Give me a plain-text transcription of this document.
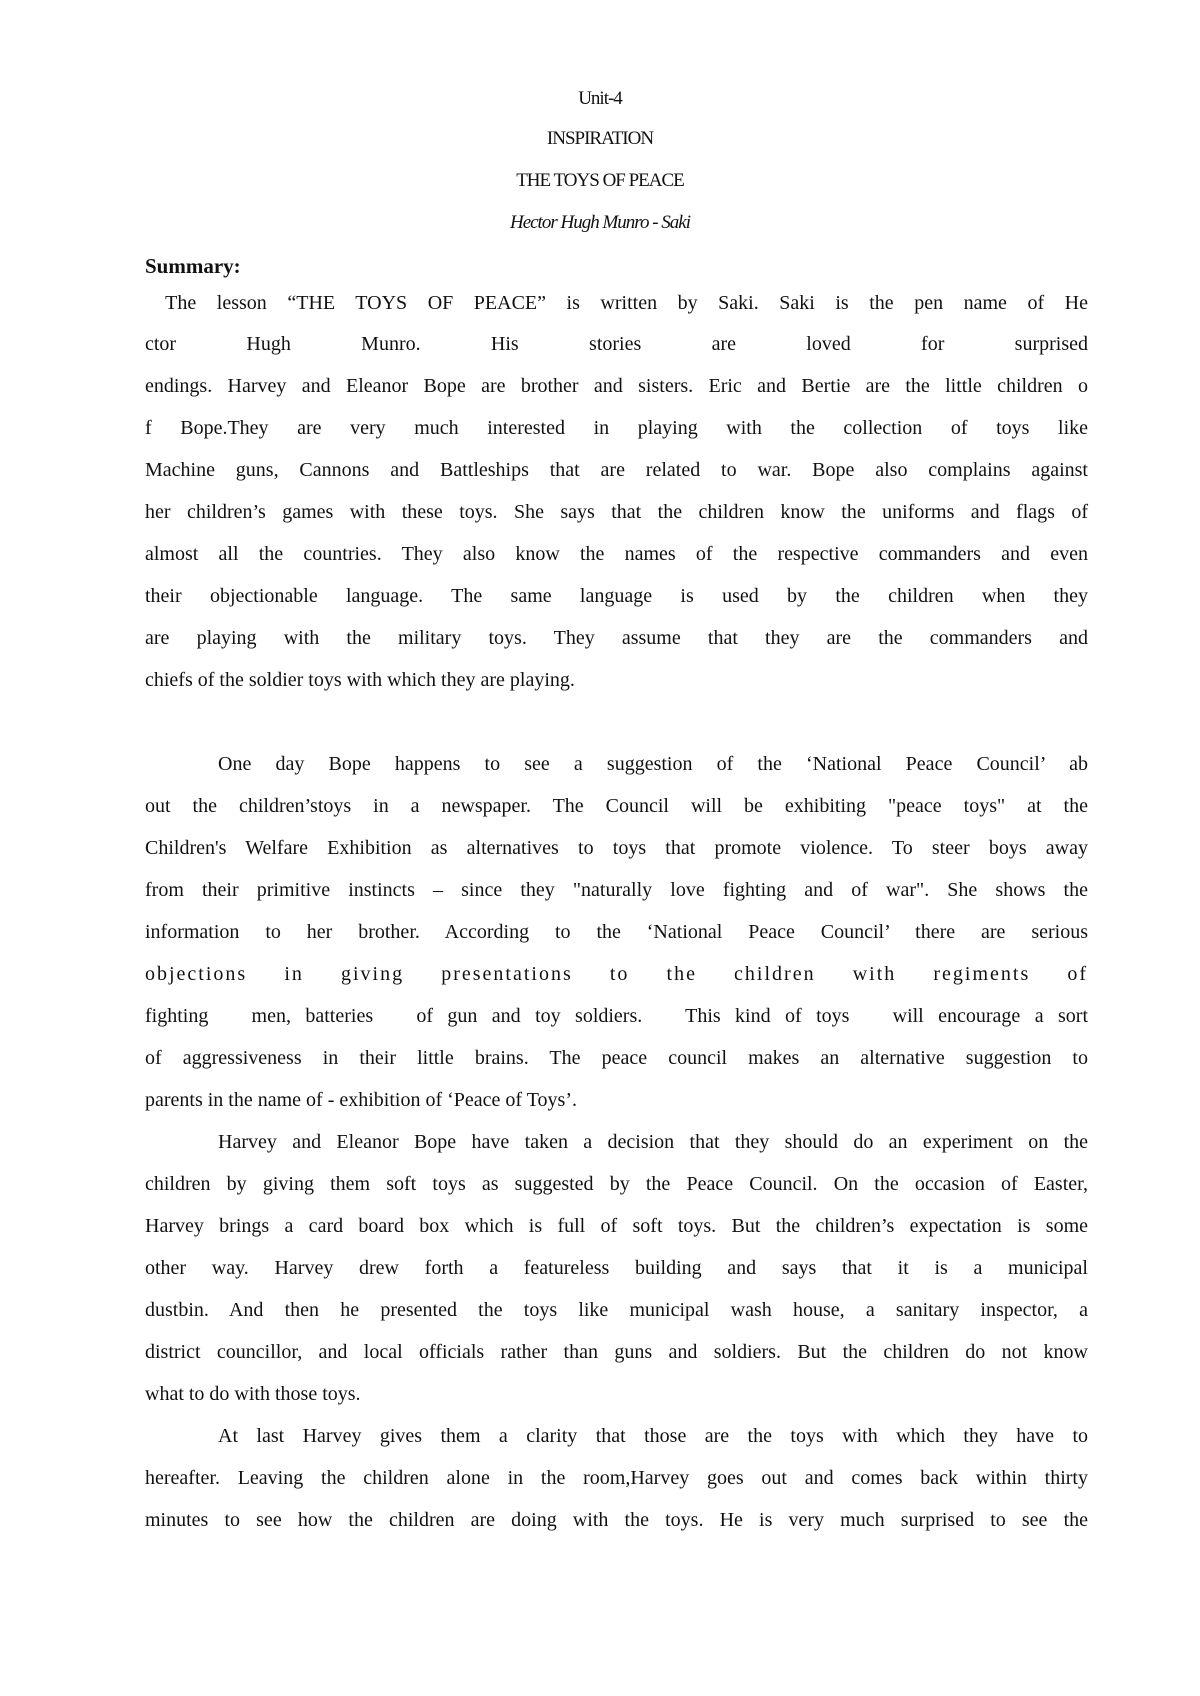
Unit-4
INSPIRATION
THE TOYS OF PEACE
Hector Hugh Munro - Saki
Summary:
The lesson “THE TOYS OF PEACE” is written by Saki. Saki is the pen name of He
ctor Hugh Munro. His stories are loved for surprised
endings. Harvey and Eleanor Bope are brother and sisters. Eric and Bertie are the little children o
f Bope.They are very much interested in playing with the collection of toys like
Machine guns, Cannons and Battleships that are related to war. Bope also complains against
her children’s games with these toys. She says that the children know the uniforms and flags of
almost all the countries. They also know the names of the respective commanders and even
their objectionable language. The same language is used by the children when they
are playing with the military toys. They assume that they are the commanders and
chiefs of the soldier toys with which they are playing.
One day Bope happens to see a suggestion of the ‘National Peace Council’ ab
out the children’stoys in a newspaper. The Council will be exhibiting "peace toys" at the
Children's Welfare Exhibition as alternatives to toys that promote violence. To steer boys away
from their primitive instincts – since they "naturally love fighting and of war". She shows the
information to her brother. According to the ‘National Peace Council’ there are serious
objections in giving presentations to the children with regiments of
fighting   men, batteries   of gun and toy soldiers.   This kind of toys   will encourage a sort
of aggressiveness in their little brains. The peace council makes an alternative suggestion to
parents in the name of - exhibition of ‘Peace of Toys’.
Harvey and Eleanor Bope have taken a decision that they should do an experiment on the
children by giving them soft toys as suggested by the Peace Council. On the occasion of Easter,
Harvey brings a card board box which is full of soft toys. But the children’s expectation is some
other way. Harvey drew forth a featureless building and says that it is a municipal
dustbin. And then he presented the toys like municipal wash house, a sanitary inspector, a
district councillor, and local officials rather than guns and soldiers. But the children do not know
what to do with those toys.
At last Harvey gives them a clarity that those are the toys with which they have to
hereafter. Leaving the children alone in the room,Harvey goes out and comes back within thirty
minutes to see how the children are doing with the toys. He is very much surprised to see the
